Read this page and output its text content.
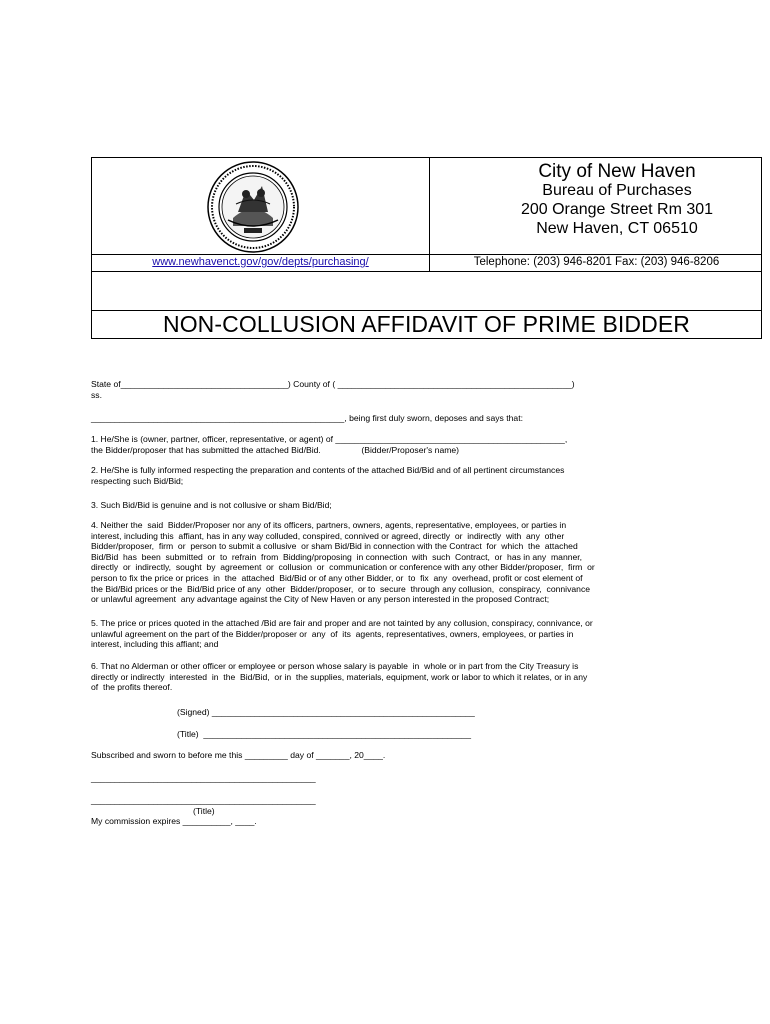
City of New Haven
Bureau of Purchases
200 Orange Street Rm 301
New Haven, CT 06510
www.newhavenct.gov/gov/depts/purchasing/	Telephone: (203) 946-8201 Fax: (203) 946-8206
NON-COLLUSION AFFIDAVIT OF PRIME BIDDER
State of___________________________________) County of ( _________________________________________________)
ss.
_____________________________________________________, being first duly sworn, deposes and says that:
1. He/She is (owner, partner, officer, representative, or agent) of ________________________________________________,
the Bidder/proposer that has submitted the attached Bid/Bid.                 (Bidder/Proposer's name)
2. He/She is fully informed respecting the preparation and contents of the attached Bid/Bid and of all pertinent circumstances
respecting such Bid/Bid;
3. Such Bid/Bid is genuine and is not collusive or sham Bid/Bid;
4. Neither the  said  Bidder/Proposer nor any of its officers, partners, owners, agents, representative, employees, or parties in
interest, including this  affiant, has in any way colluded, conspired, connived or agreed, directly  or  indirectly  with  any  other
Bidder/proposer,  firm  or  person to submit a collusive  or sham Bid/Bid in connection with the Contract  for  which  the  attached
Bid/Bid  has  been  submitted  or  to  refrain  from  Bidding/proposing  in connection  with  such  Contract,  or  has in any  manner,
directly  or  indirectly,  sought  by  agreement  or  collusion  or  communication or conference with any other Bidder/proposer,  firm  or
person to fix the price or prices  in  the  attached  Bid/Bid or of any other Bidder, or  to  fix  any  overhead, profit or cost element of
the Bid/Bid prices or the  Bid/Bid price of any  other  Bidder/proposer,  or to  secure  through any collusion,  conspiracy,  connivance
or unlawful agreement  any advantage against the City of New Haven or any person interested in the proposed Contract;
5. The price or prices quoted in the attached /Bid are fair and proper and are not tainted by any collusion, conspiracy, connivance, or
unlawful agreement on the part of the Bidder/proposer or  any  of  its  agents, representatives, owners, employees, or parties in
interest, including this affiant; and
6. That no Alderman or other officer or employee or person whose salary is payable  in  whole or in part from the City Treasury is
directly or indirectly  interested  in  the  Bid/Bid,  or in  the supplies, materials, equipment, work or labor to which it relates, or in any
of  the profits thereof.
(Signed) _______________________________________________________
(Title)  ________________________________________________________
Subscribed and sworn to before me this _________ day of _______, 20____.
_______________________________________________
_______________________________________________
(Title)
My commission expires __________, ____.
